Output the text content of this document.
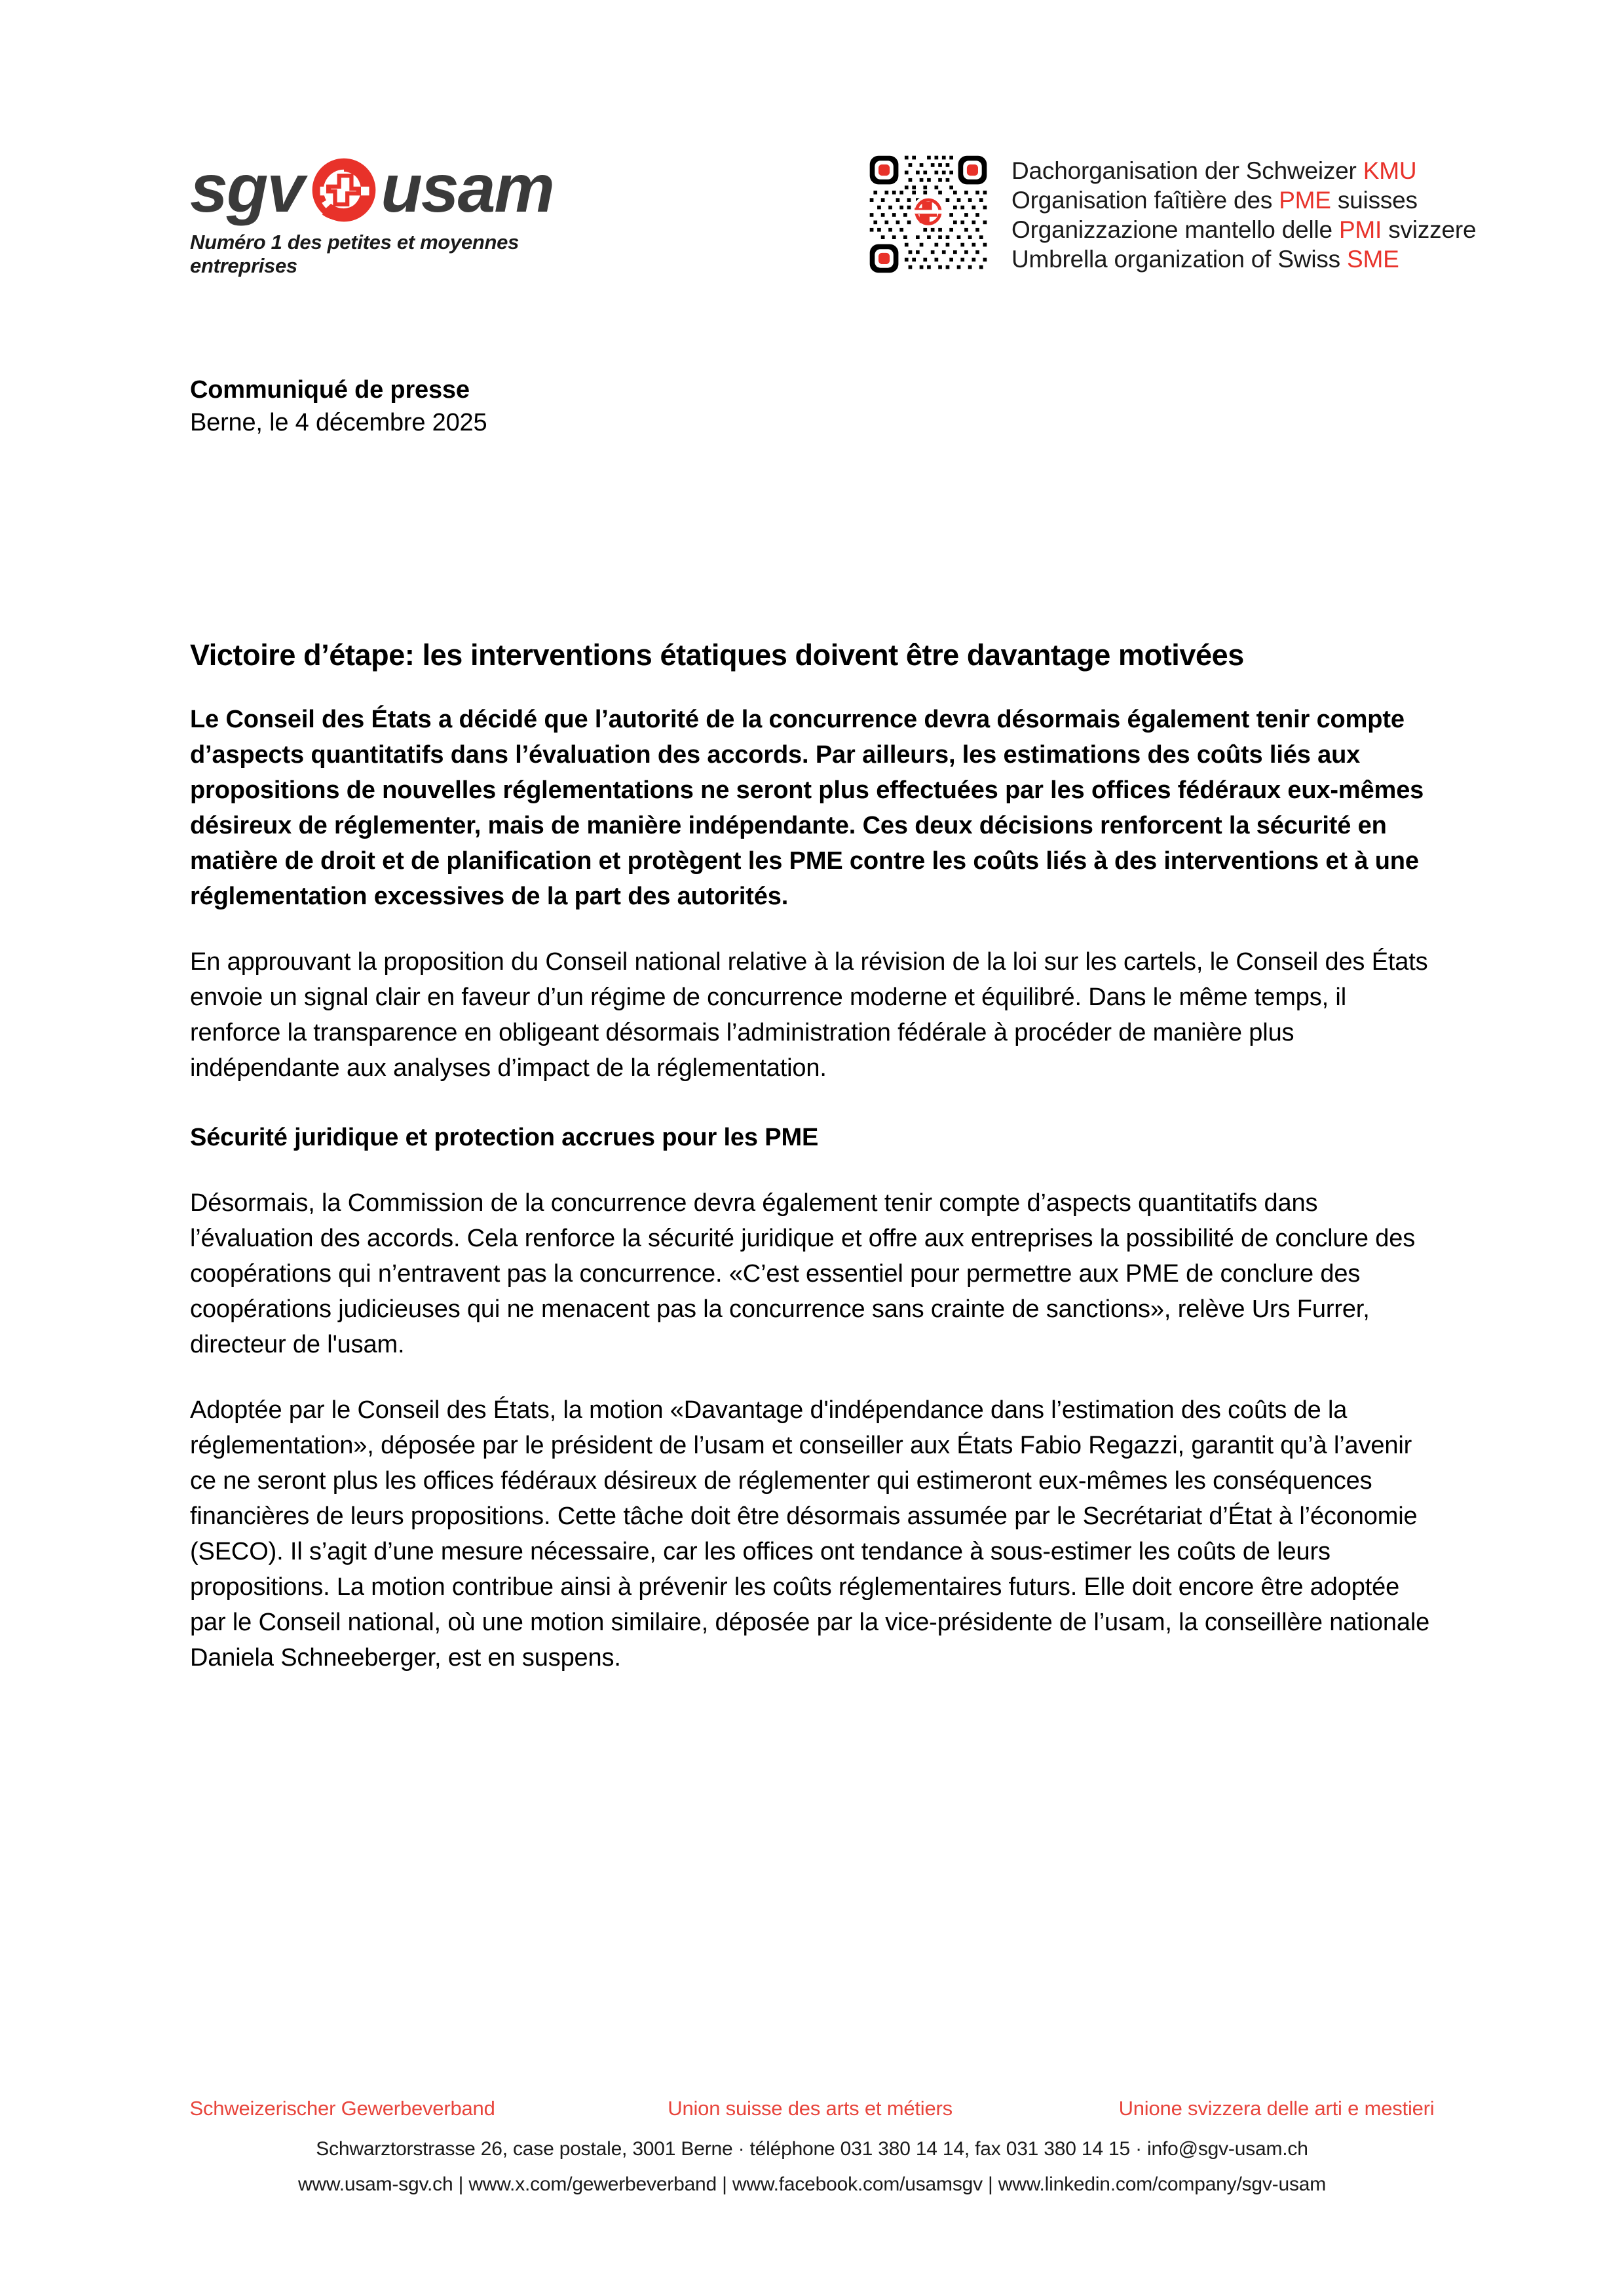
sgv usam
Numéro 1 des petites et moyennes entreprises
Dachorganisation der Schweizer KMU
Organisation faîtière des PME suisses
Organizzazione mantello delle PMI svizzere
Umbrella organization of Swiss SME
Communiqué de presse
Berne, le 4 décembre 2025
Victoire d’étape: les interventions étatiques doivent être davantage motivées

Le Conseil des États a décidé que l’autorité de la concurrence devra désormais également tenir compte d’aspects quantitatifs dans l’évaluation des accords. Par ailleurs, les estimations des coûts liés aux propositions de nouvelles réglementations ne seront plus effectuées par les offices fédéraux eux-mêmes désireux de réglementer, mais de manière indépendante. Ces deux décisions renforcent la sécurité en matière de droit et de planification et protègent les PME contre les coûts liés à des interventions et à une réglementation excessives de la part des autorités.

En approuvant la proposition du Conseil national relative à la révision de la loi sur les cartels, le Conseil des États envoie un signal clair en faveur d’un régime de concurrence moderne et équilibré. Dans le même temps, il renforce la transparence en obligeant désormais l’administration fédérale à procéder de manière plus indépendante aux analyses d’impact de la réglementation.

Sécurité juridique et protection accrues pour les PME

Désormais, la Commission de la concurrence devra également tenir compte d’aspects quantitatifs dans l’évaluation des accords. Cela renforce la sécurité juridique et offre aux entreprises la possibilité de conclure des coopérations qui n’entravent pas la concurrence. «C’est essentiel pour permettre aux PME de conclure des coopérations judicieuses qui ne menacent pas la concurrence sans crainte de sanctions», relève Urs Furrer, directeur de l'usam.

Adoptée par le Conseil des États, la motion «Davantage d'indépendance dans l’estimation des coûts de la réglementation», déposée par le président de l’usam et conseiller aux États Fabio Regazzi, garantit qu’à l’avenir ce ne seront plus les offices fédéraux désireux de réglementer qui estimeront eux-mêmes les conséquences financières de leurs propositions. Cette tâche doit être désormais assumée par le Secrétariat d’État à l’économie (SECO). Il s’agit d’une mesure nécessaire, car les offices ont tendance à sous-estimer les coûts de leurs propositions. La motion contribue ainsi à prévenir les coûts réglementaires futurs. Elle doit encore être adoptée par le Conseil national, où une motion similaire, déposée par la vice-présidente de l’usam, la conseillère nationale Daniela Schneeberger, est en suspens.

Schweizerischer Gewerbeverband	Union suisse des arts et métiers	Unione svizzera delle arti e mestieri
Schwarztorstrasse 26, case postale, 3001 Berne · téléphone 031 380 14 14, fax 031 380 14 15 · info@sgv-usam.ch
www.usam-sgv.ch | www.x.com/gewerbeverband | www.facebook.com/usamsgv | www.linkedin.com/company/sgv-usam
